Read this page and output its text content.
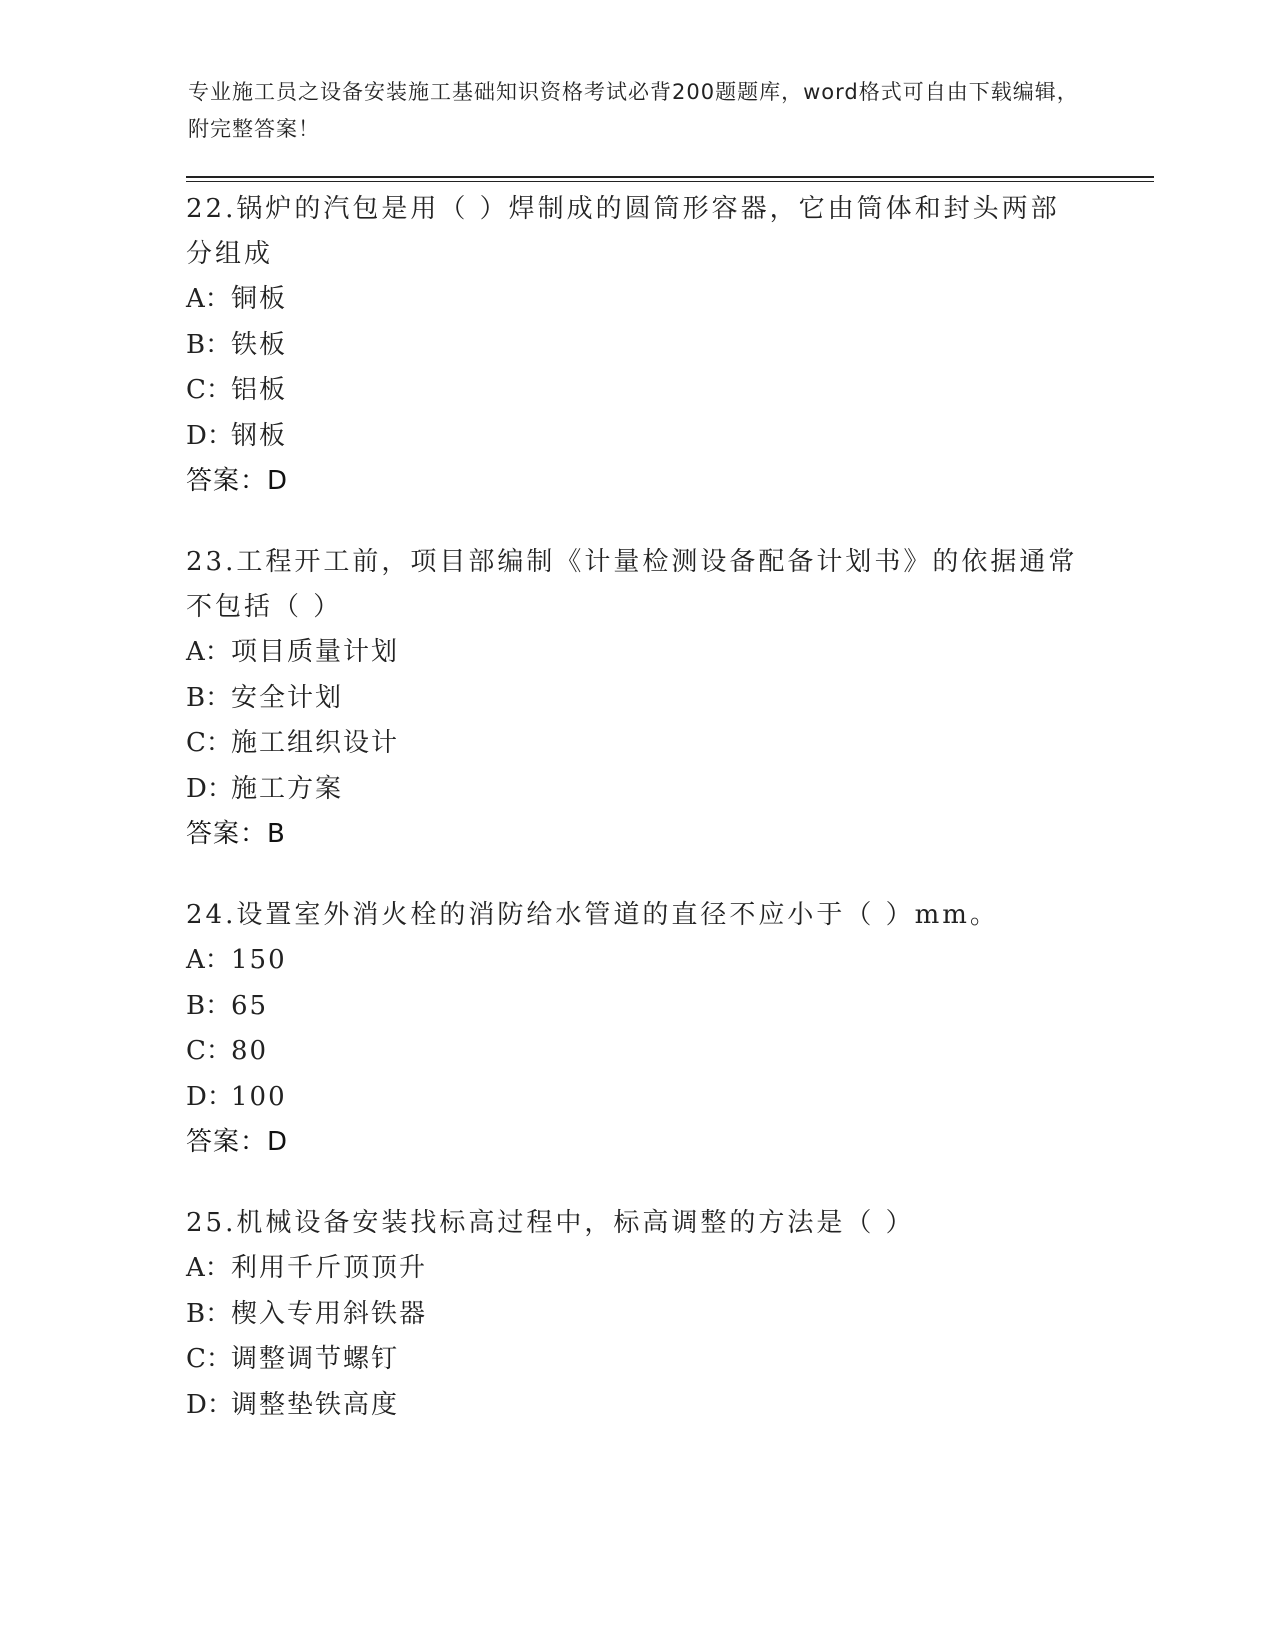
专业施工员之设备安装施工基础知识资格考试必背200题题库，word格式可自由下载编辑，附完整答案！
22.锅炉的汽包是用（ ）焊制成的圆筒形容器，它由筒体和封头两部分组成
A：铜板
B：铁板
C：铝板
D：钢板
答案：D
23.工程开工前，项目部编制《计量检测设备配备计划书》的依据通常不包括（ ）
A：项目质量计划
B：安全计划
C：施工组织设计
D：施工方案
答案：B
24.设置室外消火栓的消防给水管道的直径不应小于（ ）mm。
A：150
B：65
C：80
D：100
答案：D
25.机械设备安装找标高过程中，标高调整的方法是（ ）
A：利用千斤顶顶升
B：楔入专用斜铁器
C：调整调节螺钉
D：调整垫铁高度
